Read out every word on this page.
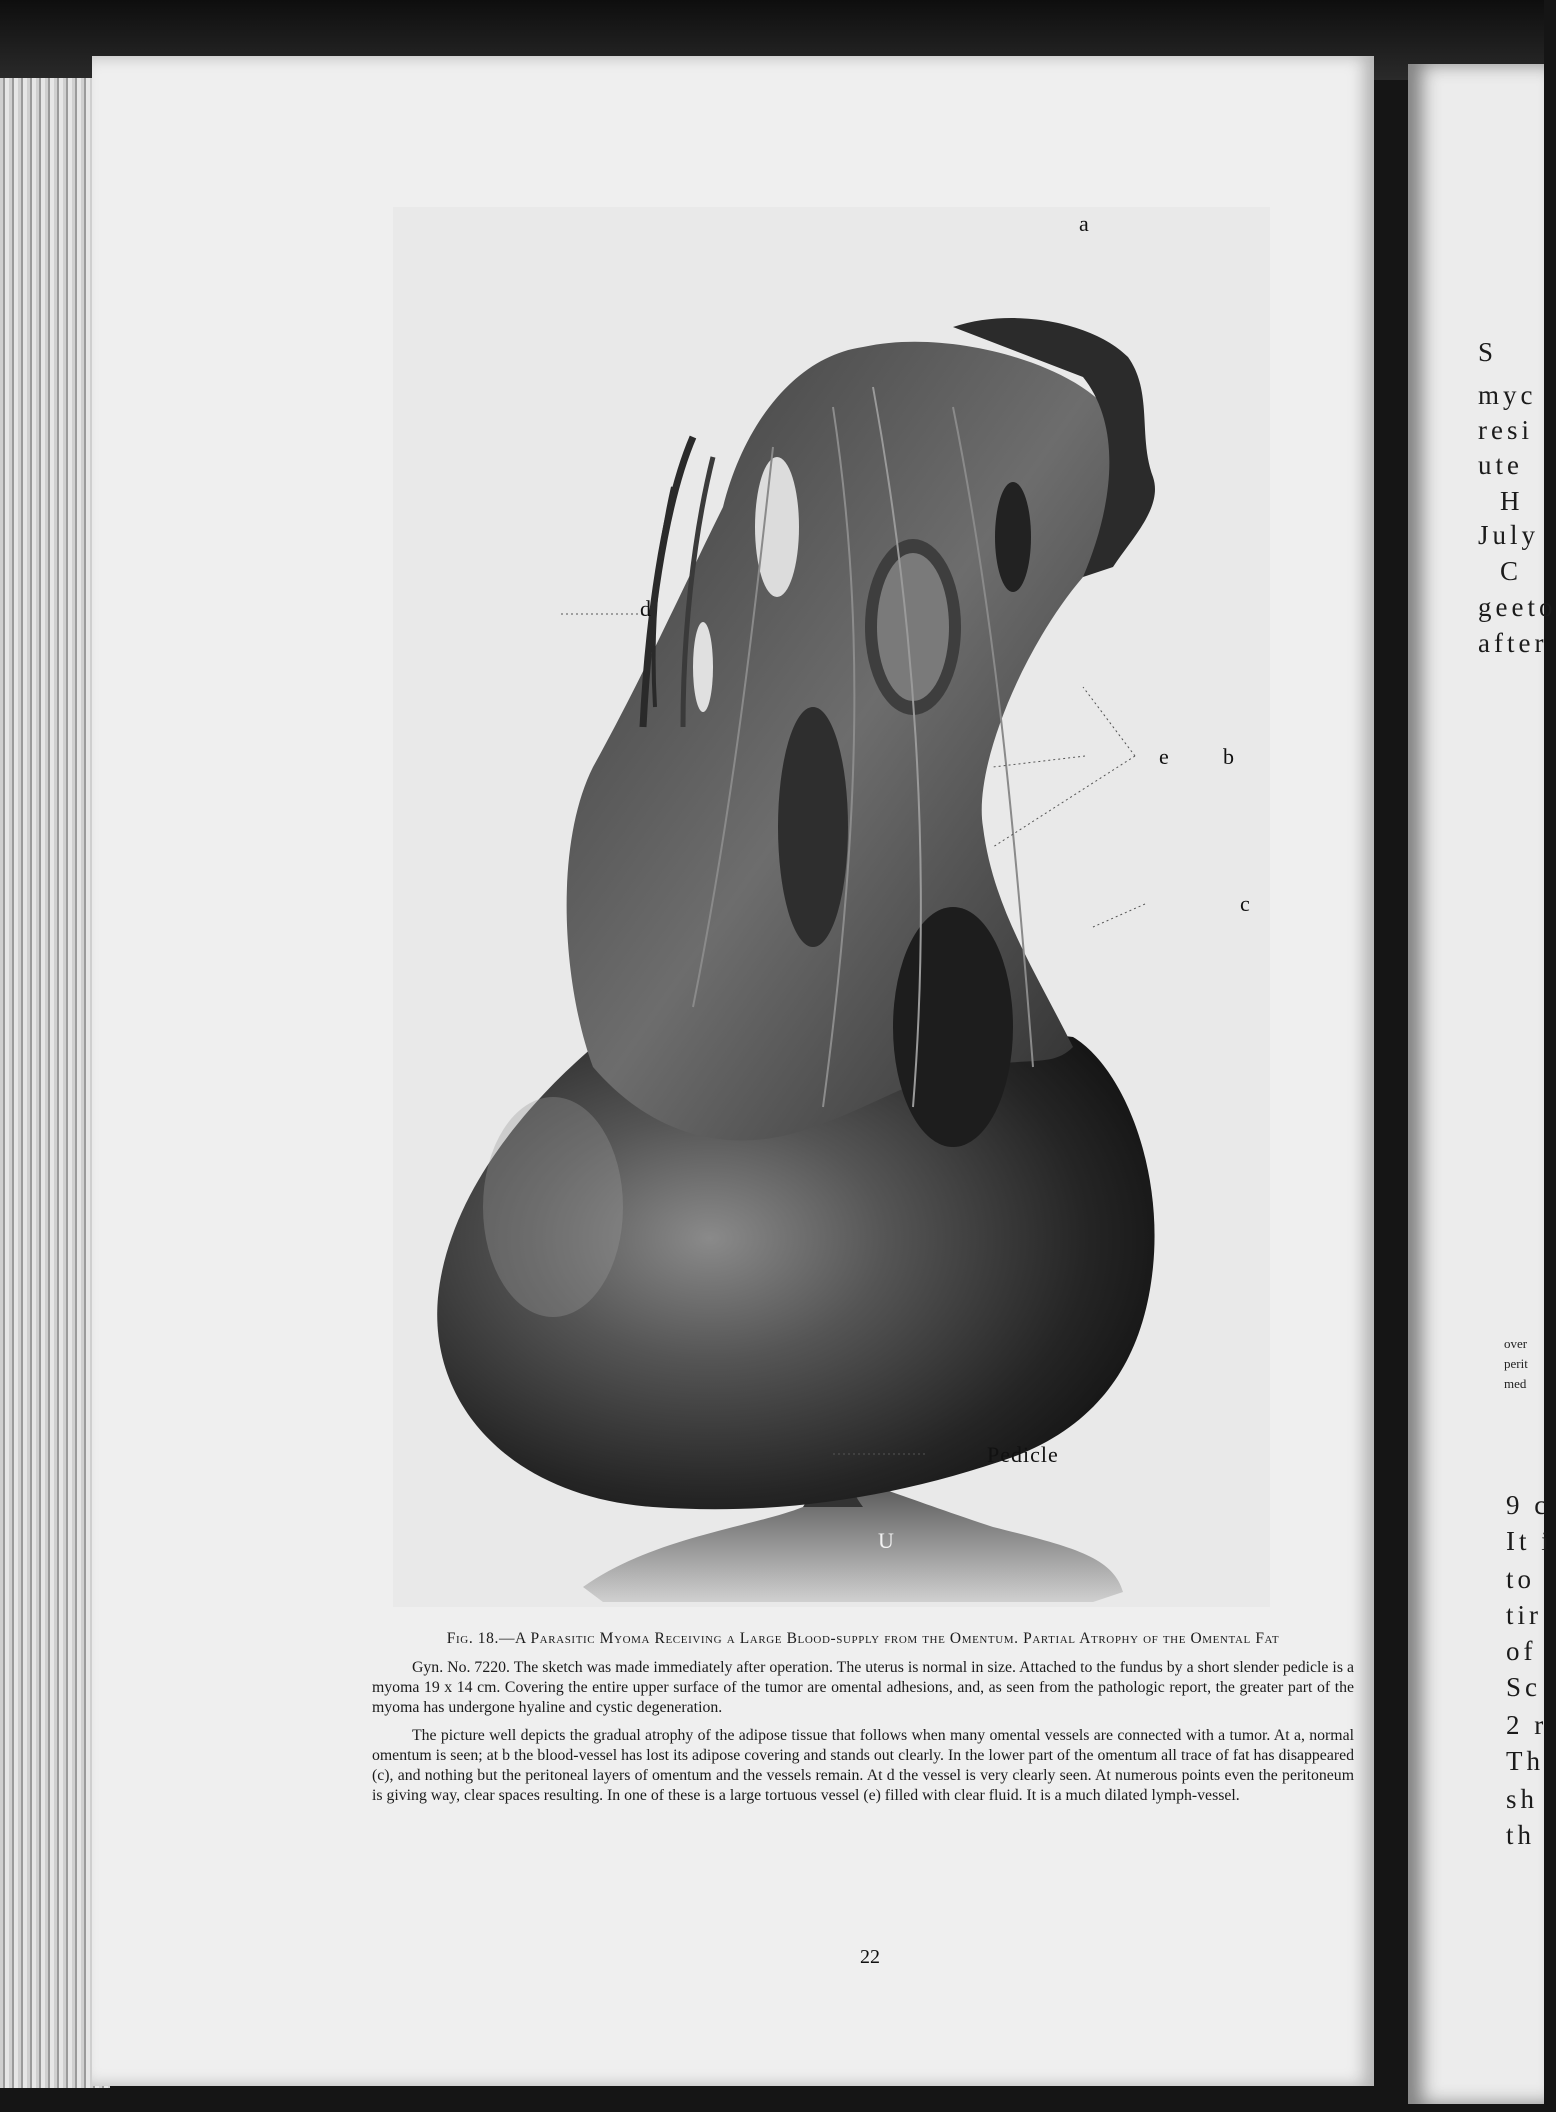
a
d
e b
c
Pedicle
U

Fig. 18.—A Parasitic Myoma Receiving a Large Blood-supply from the Omentum. Partial Atrophy of the Omental Fat

Gyn. No. 7220. The sketch was made immediately after operation. The uterus is normal in size. Attached to the fundus by a short slender pedicle is a myoma 19 x 14 cm. Covering the entire upper surface of the tumor are omental adhesions, and, as seen from the pathologic report, the greater part of the myoma has undergone hyaline and cystic degeneration.

The picture well depicts the gradual atrophy of the adipose tissue that follows when many omental vessels are connected with a tumor. At a, normal omentum is seen; at b the blood-vessel has lost its adipose covering and stands out clearly. In the lower part of the omentum all trace of fat has disappeared (c), and nothing but the peritoneal layers of omentum and the vessels remain. At d the vessel is very clearly seen. At numerous points even the peritoneum is giving way, clear spaces resulting. In one of these is a large tortuous vessel (e) filled with clear fluid. It is a much dilated lymph-vessel.

22
S
myc
resi
ute
H
July
C
geeto
after
over
perit
med
9 c
It i
to
tir
of
Sc
2 r
Th
sh
th
